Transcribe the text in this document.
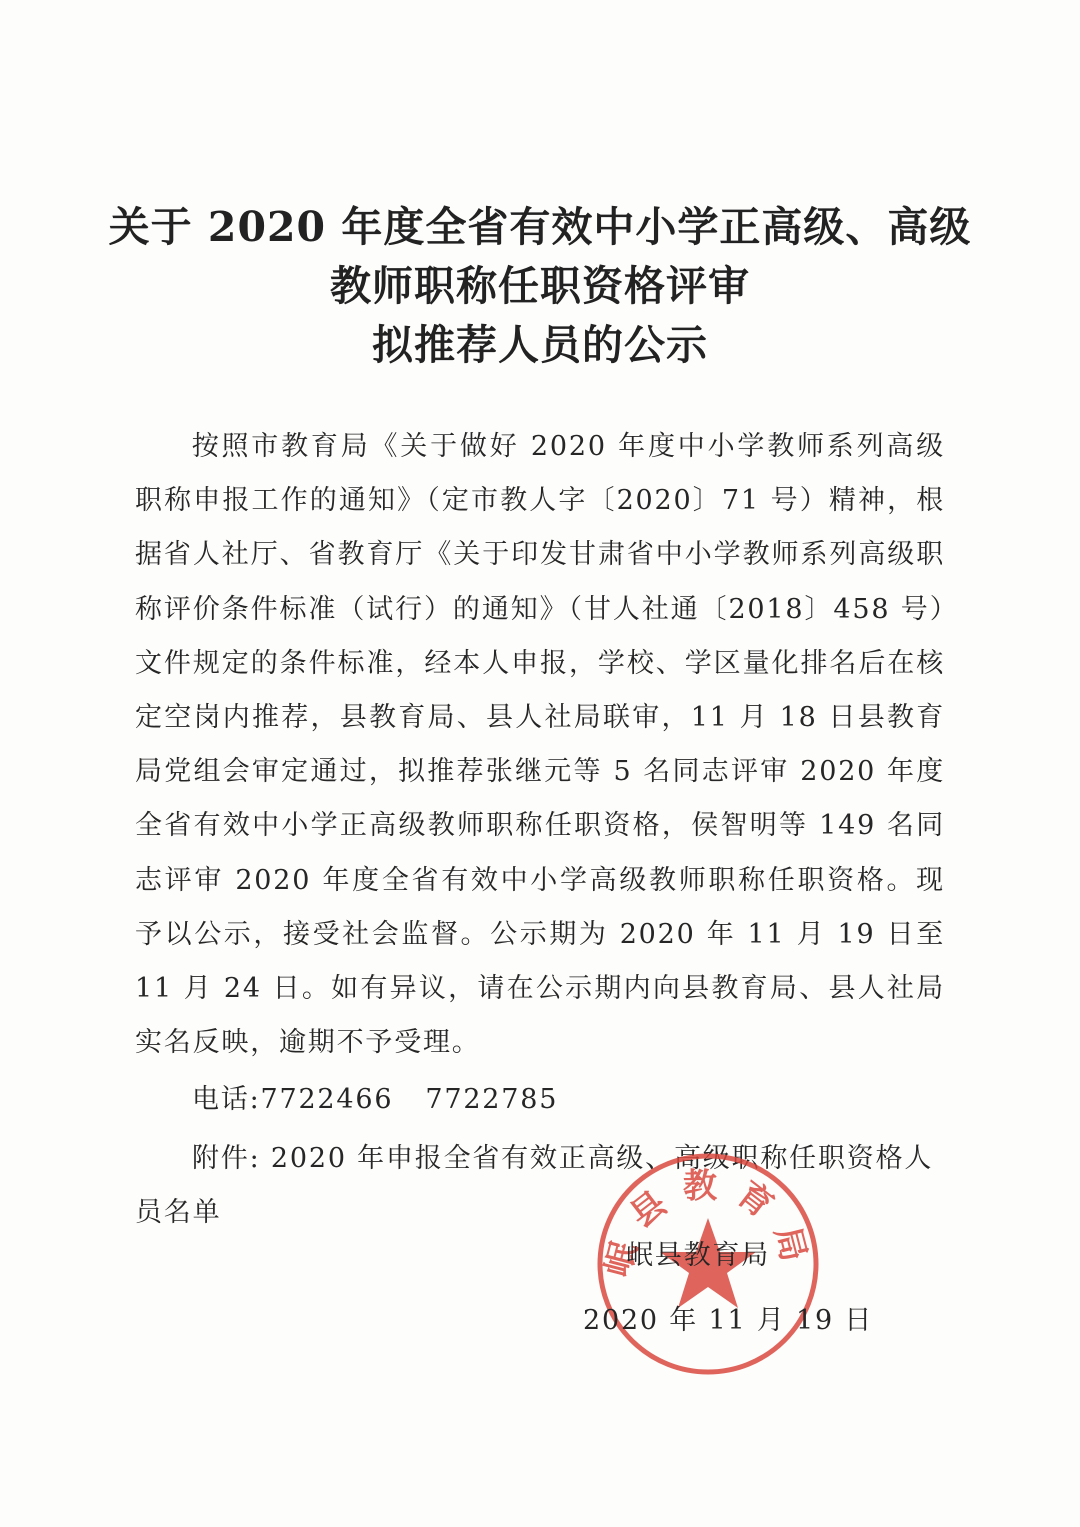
关于 2020 年度全省有效中小学正高级、高级
教师职称任职资格评审
拟推荐人员的公示

按照市教育局《关于做好 2020 年度中小学教师系列高级职称申报工作的通知》（定市教人字〔2020〕71 号）精神，根据省人社厅、省教育厅《关于印发甘肃省中小学教师系列高级职称评价条件标准（试行）的通知》（甘人社通〔2018〕458 号）文件规定的条件标准，经本人申报，学校、学区量化排名后在核定空岗内推荐，县教育局、县人社局联审，11 月 18 日县教育局党组会审定通过，拟推荐张继元等 5 名同志评审 2020 年度全省有效中小学正高级教师职称任职资格，侯智明等 149 名同志评审 2020 年度全省有效中小学高级教师职称任职资格。现予以公示，接受社会监督。公示期为 2020 年 11 月 19 日至 11 月 24 日。如有异议，请在公示期内向县教育局、县人社局实名反映，逾期不予受理。

电话:7722466 7722785
附件: 2020 年申报全省有效正高级、高级职称任职资格人员名单
岷县教育局
岷县教育局
2020 年 11 月 19 日
